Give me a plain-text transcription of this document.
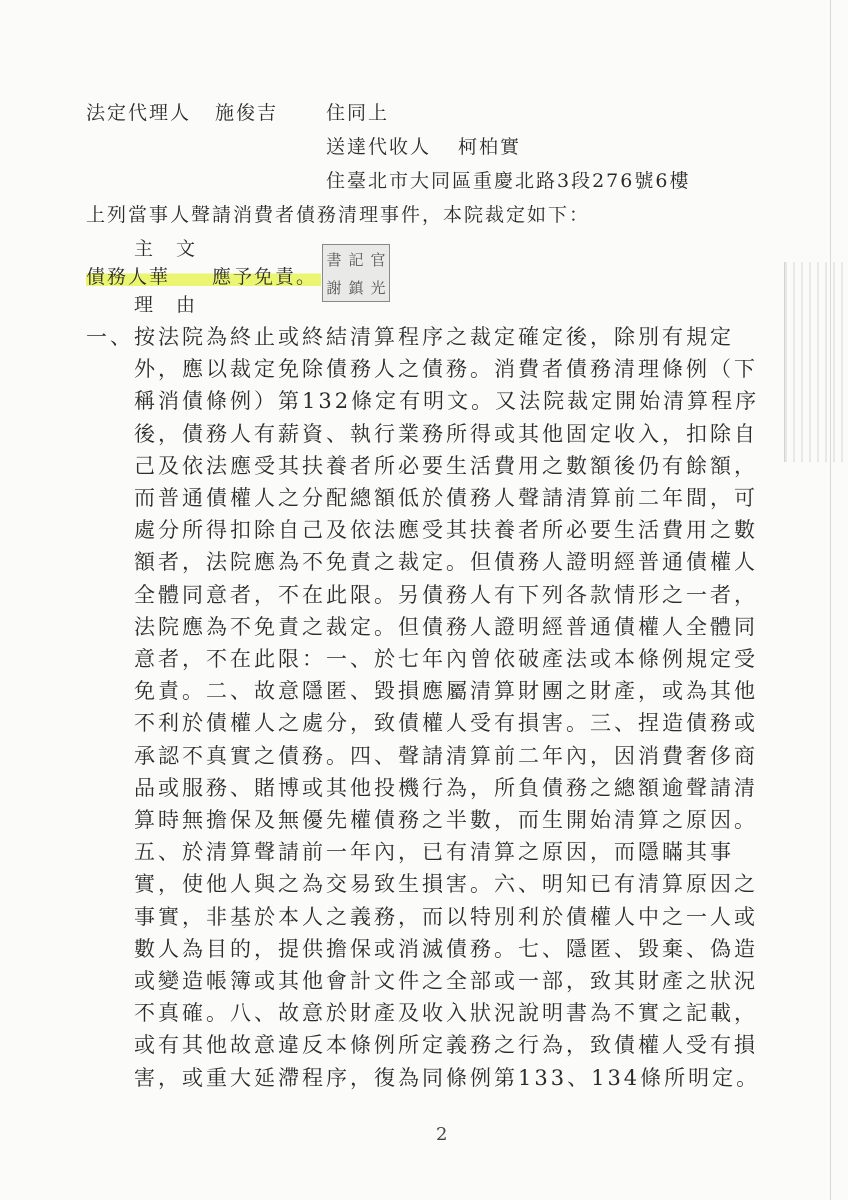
法定代理人 施俊吉	住同上
送達代收人 柯柏實
住臺北市大同區重慶北路3段276號6樓
上列當事人聲請消費者債務清理事件，本院裁定如下：
主　文
債務人華　　應予免責。
書 記 官
謝 鎮 光
理　由
一、按法院為終止或終結清算程序之裁定確定後，除別有規定
外，應以裁定免除債務人之債務。消費者債務清理條例（下
稱消債條例）第132條定有明文。又法院裁定開始清算程序
後，債務人有薪資、執行業務所得或其他固定收入，扣除自
己及依法應受其扶養者所必要生活費用之數額後仍有餘額，
而普通債權人之分配總額低於債務人聲請清算前二年間，可
處分所得扣除自己及依法應受其扶養者所必要生活費用之數
額者，法院應為不免責之裁定。但債務人證明經普通債權人
全體同意者，不在此限。另債務人有下列各款情形之一者，
法院應為不免責之裁定。但債務人證明經普通債權人全體同
意者，不在此限：一、於七年內曾依破產法或本條例規定受
免責。二、故意隱匿、毀損應屬清算財團之財產，或為其他
不利於債權人之處分，致債權人受有損害。三、捏造債務或
承認不真實之債務。四、聲請清算前二年內，因消費奢侈商
品或服務、賭博或其他投機行為，所負債務之總額逾聲請清
算時無擔保及無優先權債務之半數，而生開始清算之原因。
五、於清算聲請前一年內，已有清算之原因，而隱瞞其事
實，使他人與之為交易致生損害。六、明知已有清算原因之
事實，非基於本人之義務，而以特別利於債權人中之一人或
數人為目的，提供擔保或消滅債務。七、隱匿、毀棄、偽造
或變造帳簿或其他會計文件之全部或一部，致其財產之狀況
不真確。八、故意於財產及收入狀況說明書為不實之記載，
或有其他故意違反本條例所定義務之行為，致債權人受有損
害，或重大延滯程序，復為同條例第133、134條所明定。
2
